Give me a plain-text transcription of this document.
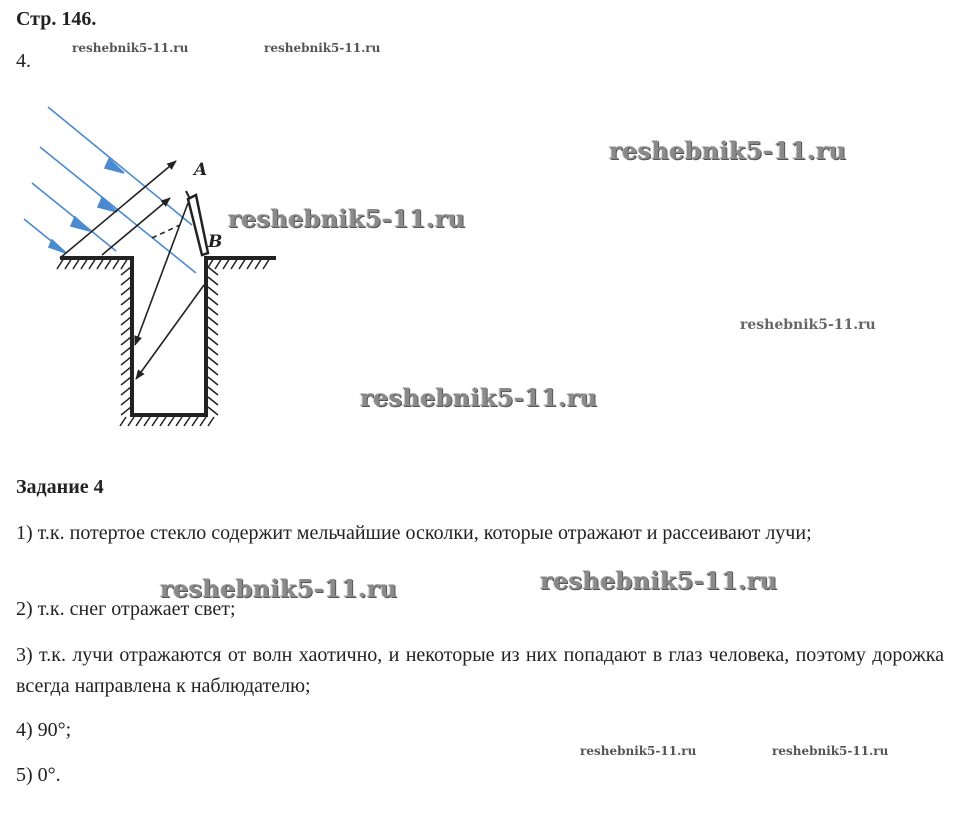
Стр. 146.
4.
A
B
reshebnik5-11.ru	reshebnik5-11.ru
reshebnik5-11.ru
reshebnik5-11.ru
reshebnik5-11.ru
reshebnik5-11.ru
Задание 4
1) т.к. потертое стекло содержит мельчайшие осколки, которые отражают и рассеивают лучи;
2) т.к. снег отражает свет;
3) т.к. лучи отражаются от волн хаотично, и некоторые из них попадают в глаз человека, поэтому дорожка всегда направлена к наблюдателю;
4) 90°;
5) 0°.
reshebnik5-11.ru	reshebnik5-11.ru
reshebnik5-11.ru	reshebnik5-11.ru
